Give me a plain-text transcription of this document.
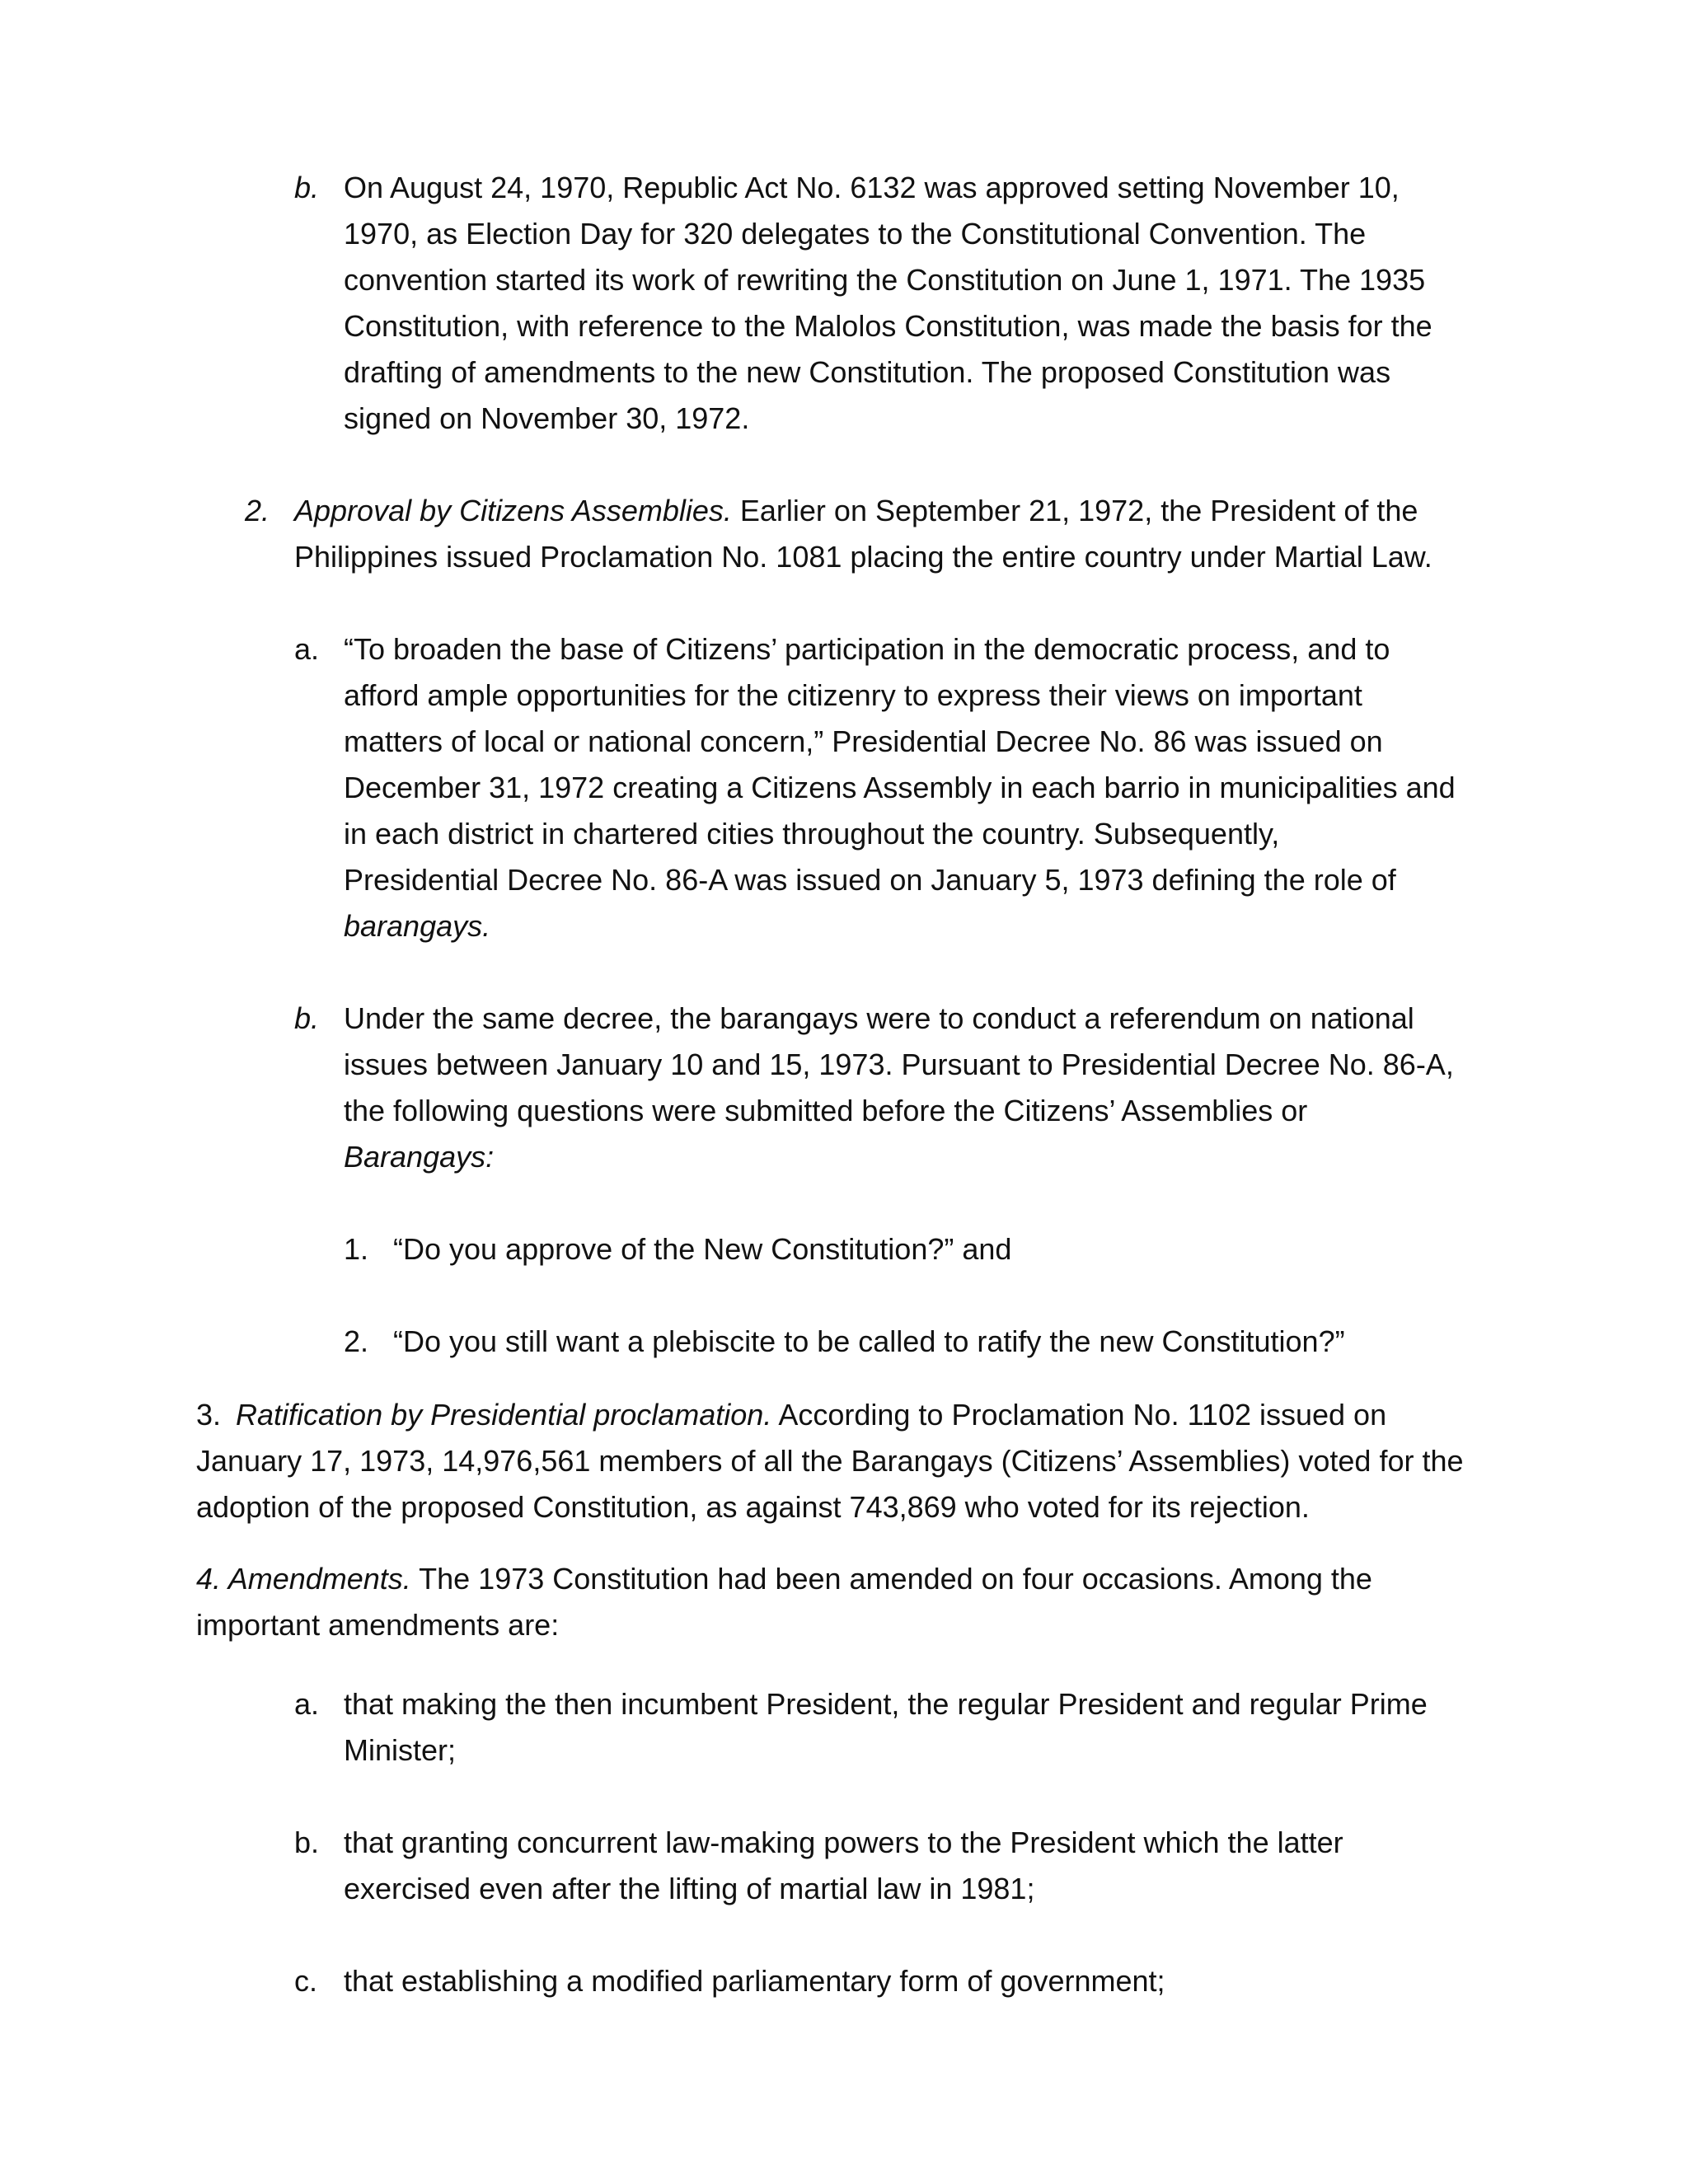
b. On August 24, 1970, Republic Act No. 6132 was approved setting November 10,
1970, as Election Day for 320 delegates to the Constitutional Convention. The
convention started its work of rewriting the Constitution on June 1, 1971. The 1935
Constitution, with reference to the Malolos Constitution, was made the basis for the
drafting of amendments to the new Constitution. The proposed Constitution was
signed on November 30, 1972.
2. Approval by Citizens Assemblies. Earlier on September 21, 1972, the President of the
Philippines issued Proclamation No. 1081 placing the entire country under Martial Law.
a. “To broaden the base of Citizens’ participation in the democratic process, and to
afford ample opportunities for the citizenry to express their views on important
matters of local or national concern,” Presidential Decree No. 86 was issued on
December 31, 1972 creating a Citizens Assembly in each barrio in municipalities and
in each district in chartered cities throughout the country. Subsequently,
Presidential Decree No. 86-A was issued on January 5, 1973 defining the role of
barangays.
b. Under the same decree, the barangays were to conduct a referendum on national
issues between January 10 and 15, 1973. Pursuant to Presidential Decree No. 86-A,
the following questions were submitted before the Citizens’ Assemblies or
Barangays:
1. “Do you approve of the New Constitution?” and
2. “Do you still want a plebiscite to be called to ratify the new Constitution?”
3. Ratification by Presidential proclamation. According to Proclamation No. 1102 issued on
January 17, 1973, 14,976,561 members of all the Barangays (Citizens’ Assemblies) voted for the
adoption of the proposed Constitution, as against 743,869 who voted for its rejection.
4. Amendments. The 1973 Constitution had been amended on four occasions. Among the
important amendments are:
a. that making the then incumbent President, the regular President and regular Prime
Minister;
b. that granting concurrent law-making powers to the President which the latter
exercised even after the lifting of martial law in 1981;
c. that establishing a modified parliamentary form of government;
